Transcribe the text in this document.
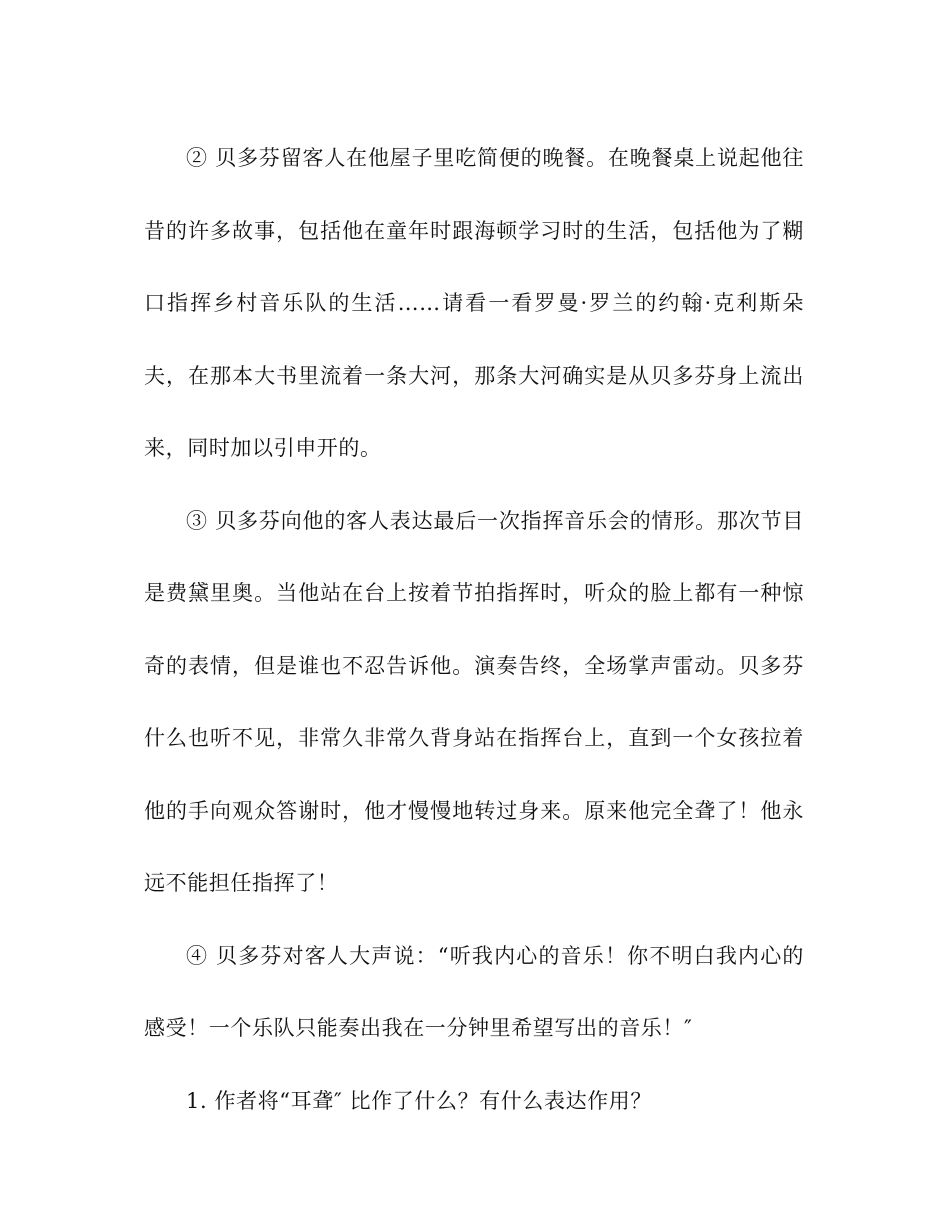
② 贝多芬留客人在他屋子里吃简便的晚餐。在晚餐桌上说起他往昔的许多故事，包括他在童年时跟海顿学习时的生活，包括他为了糊口指挥乡村音乐队的生活……请看一看罗曼·罗兰的约翰·克利斯朵夫，在那本大书里流着一条大河，那条大河确实是从贝多芬身上流出来，同时加以引申开的。

③ 贝多芬向他的客人表达最后一次指挥音乐会的情形。那次节目是费黛里奥。当他站在台上按着节拍指挥时，听众的脸上都有一种惊奇的表情，但是谁也不忍告诉他。演奏告终，全场掌声雷动。贝多芬什么也听不见，非常久非常久背身站在指挥台上，直到一个女孩拉着他的手向观众答谢时，他才慢慢地转过身来。原来他完全聋了！他永远不能担任指挥了！

④ 贝多芬对客人大声说：“听我内心的音乐！你不明白我内心的感受！一个乐队只能奏出我在一分钟里希望写出的音乐！″

1. 作者将“耳聋″ 比作了什么？有什么表达作用？
